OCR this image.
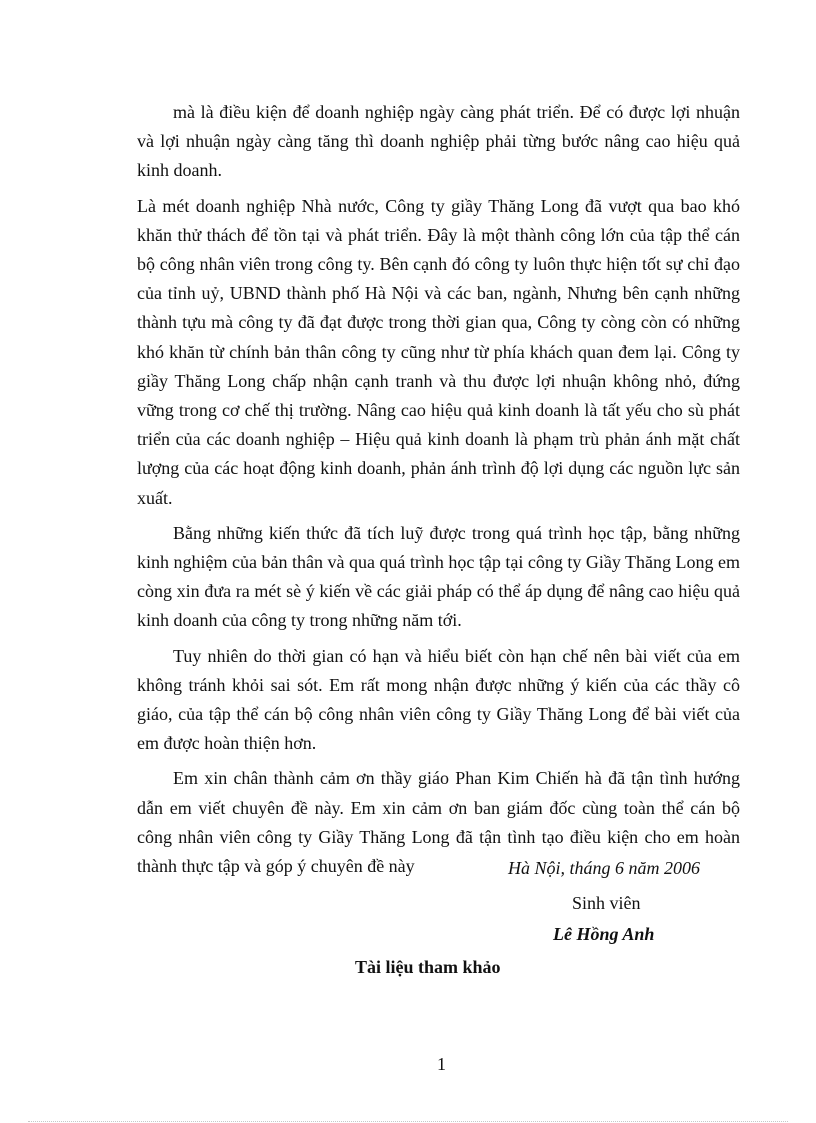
mà là điều kiện để doanh nghiệp ngày càng phát triển. Để có được lợi nhuận và lợi nhuận ngày càng tăng thì doanh nghiệp phải từng bước nâng cao hiệu quả kinh doanh.

Là mét doanh nghiệp Nhà nước, Công ty giầy Thăng Long đã vượt qua bao khó khăn thử thách để tồn tại và phát triển. Đây là một thành công lớn của tập thể cán bộ công nhân viên trong công ty. Bên cạnh đó công ty luôn thực hiện tốt sự chỉ đạo của tỉnh uỷ, UBND thành phố Hà Nội và các ban, ngành, Nhưng bên cạnh những thành tựu mà công ty đã đạt được trong thời gian qua, Công ty còng còn có những khó khăn từ chính bản thân công ty cũng như từ phía khách quan đem lại. Công ty giầy Thăng Long chấp nhận cạnh tranh và thu được lợi nhuận không nhỏ, đứng vững trong cơ chế thị trường. Nâng cao hiệu quả kinh doanh là tất yếu cho sù phát triển của các doanh nghiệp – Hiệu quả kinh doanh là phạm trù phản ánh mặt chất lượng của các hoạt động kinh doanh, phản ánh trình độ lợi dụng các nguồn lực sản xuất.

Bằng những kiến thức đã tích luỹ được trong quá trình học tập, bằng những kinh nghiệm của bản thân và qua quá trình học tập tại công ty Giầy Thăng Long em còng xin đưa ra mét sè ý kiến về các giải pháp có thể áp dụng để nâng cao hiệu quả kinh doanh của công ty trong những năm tới.

Tuy nhiên do thời gian có hạn và hiểu biết còn hạn chế nên bài viết của em không tránh khỏi sai sót. Em rất mong nhận được những ý kiến của các thầy cô giáo, của tập thể cán bộ công nhân viên công ty Giầy Thăng Long để bài viết của em được hoàn thiện hơn.

Em xin chân thành cảm ơn thầy giáo Phan Kim Chiến hà đã tận tình hướng dẫn em viết chuyên đề này. Em xin cảm ơn ban giám đốc cùng toàn thể cán bộ công nhân viên công ty Giầy Thăng Long đã tận tình tạo điều kiện cho em hoàn thành thực tập và góp ý chuyên đề này	Hà Nội, tháng 6 năm 2006
Sinh viên
Lê Hồng Anh
Tài liệu tham khảo
1
